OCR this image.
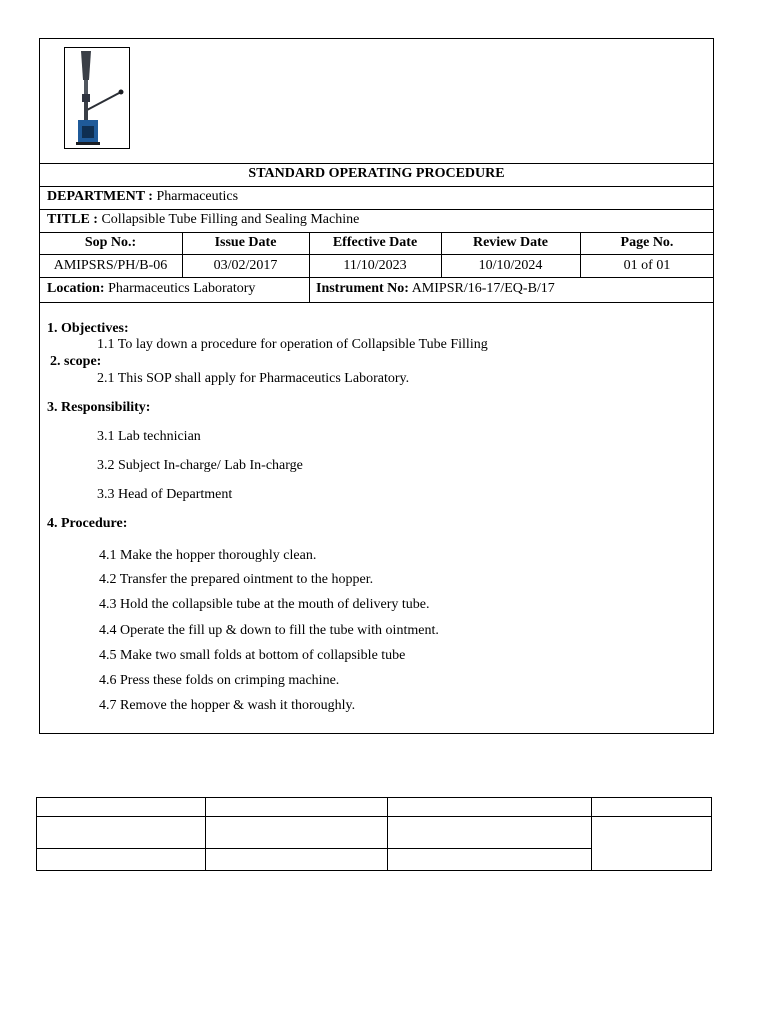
STANDARD OPERATING PROCEDURE
DEPARTMENT : Pharmaceutics
TITLE : Collapsible Tube Filling and Sealing Machine
Sop No.:	Issue Date	Effective Date	Review Date	Page No.
AMIPSRS/PH/B-06	03/02/2017	11/10/2023	10/10/2024	01 of 01
Location: Pharmaceutics Laboratory	Instrument No: AMIPSR/16-17/EQ-B/17
1. Objectives:
1.1 To lay down a procedure for operation of Collapsible Tube Filling
2. scope:
2.1 This SOP shall apply for Pharmaceutics Laboratory.
3. Responsibility:
3.1 Lab technician
3.2 Subject In-charge/ Lab In-charge
3.3 Head of Department
4. Procedure:
4.1 Make the hopper thoroughly clean.
4.2 Transfer the prepared ointment to the hopper.
4.3 Hold the collapsible tube at the mouth of delivery tube.
4.4 Operate the fill up & down to fill the tube with ointment.
4.5 Make two small folds at bottom of collapsible tube
4.6 Press these folds on crimping machine.
4.7 Remove the hopper & wash it thoroughly.
